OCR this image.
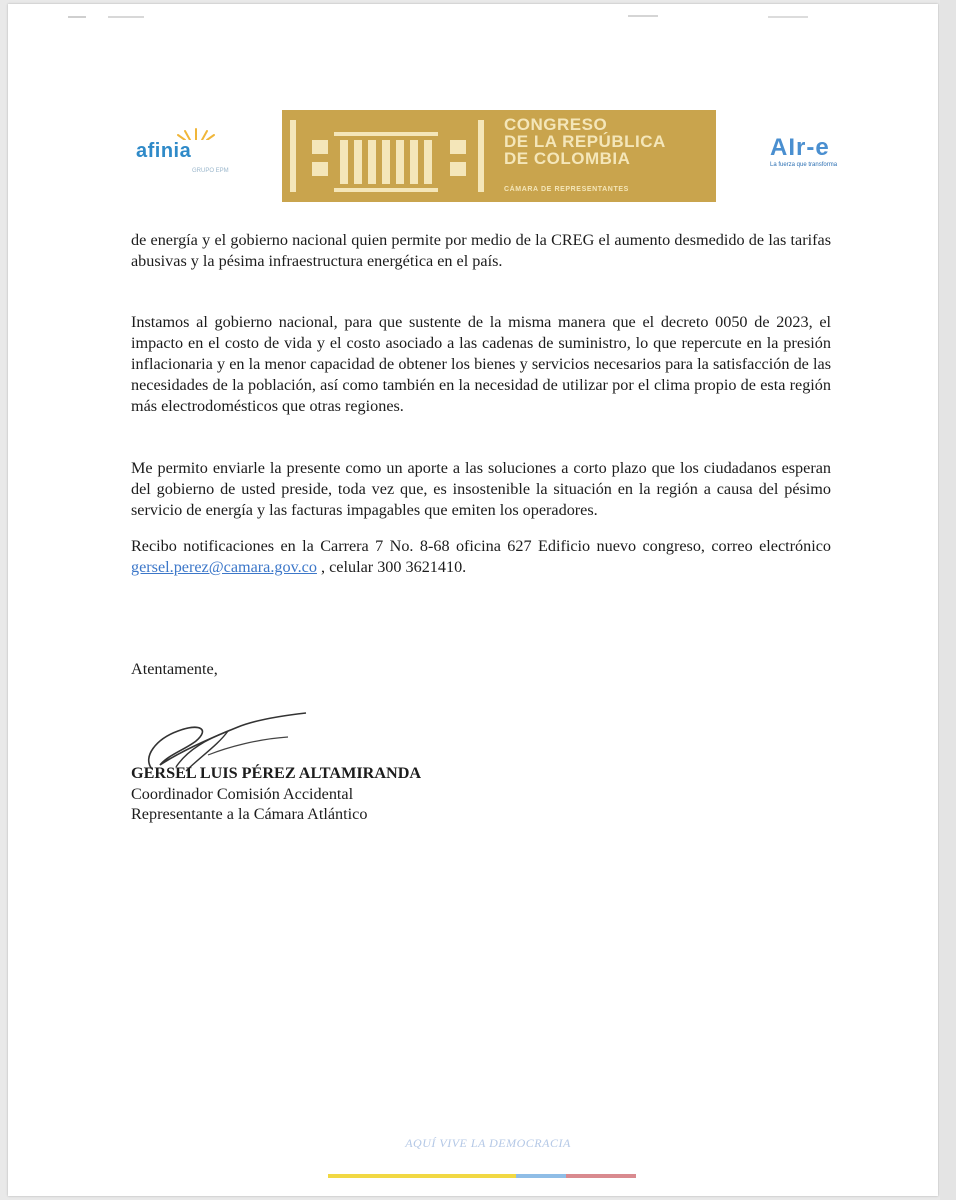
afinia
GRUPO EPM
CONGRESO
DE LA REPÚBLICA
DE COLOMBIA
CÁMARA DE REPRESENTANTES
AIr-e
La fuerza que transforma

de energía y el gobierno nacional quien permite por medio de la CREG el aumento desmedido de las tarifas abusivas y la pésima infraestructura energética en el país.

Instamos al gobierno nacional, para que sustente de la misma manera que el decreto 0050 de 2023, el impacto en el costo de vida y el costo asociado a las cadenas de suministro, lo que repercute en la presión inflacionaria y en la menor capacidad de obtener los bienes y servicios necesarios para la satisfacción de las necesidades de la población, así como también en la necesidad de utilizar por el clima propio de esta región más electrodomésticos que otras regiones.

Me permito enviarle la presente como un aporte a las soluciones a corto plazo que los ciudadanos esperan del gobierno de usted preside, toda vez que, es insostenible la situación en la región a causa del pésimo servicio de energía y las facturas impagables que emiten los operadores.

Recibo notificaciones en la Carrera 7 No. 8-68 oficina 627 Edificio nuevo congreso, correo electrónico gersel.perez@camara.gov.co , celular 300 3621410.

Atentamente,
GERSEL LUIS PÉREZ ALTAMIRANDA
Coordinador Comisión Accidental
Representante a la Cámara Atlántico
AQUÍ VIVE LA DEMOCRACIA
